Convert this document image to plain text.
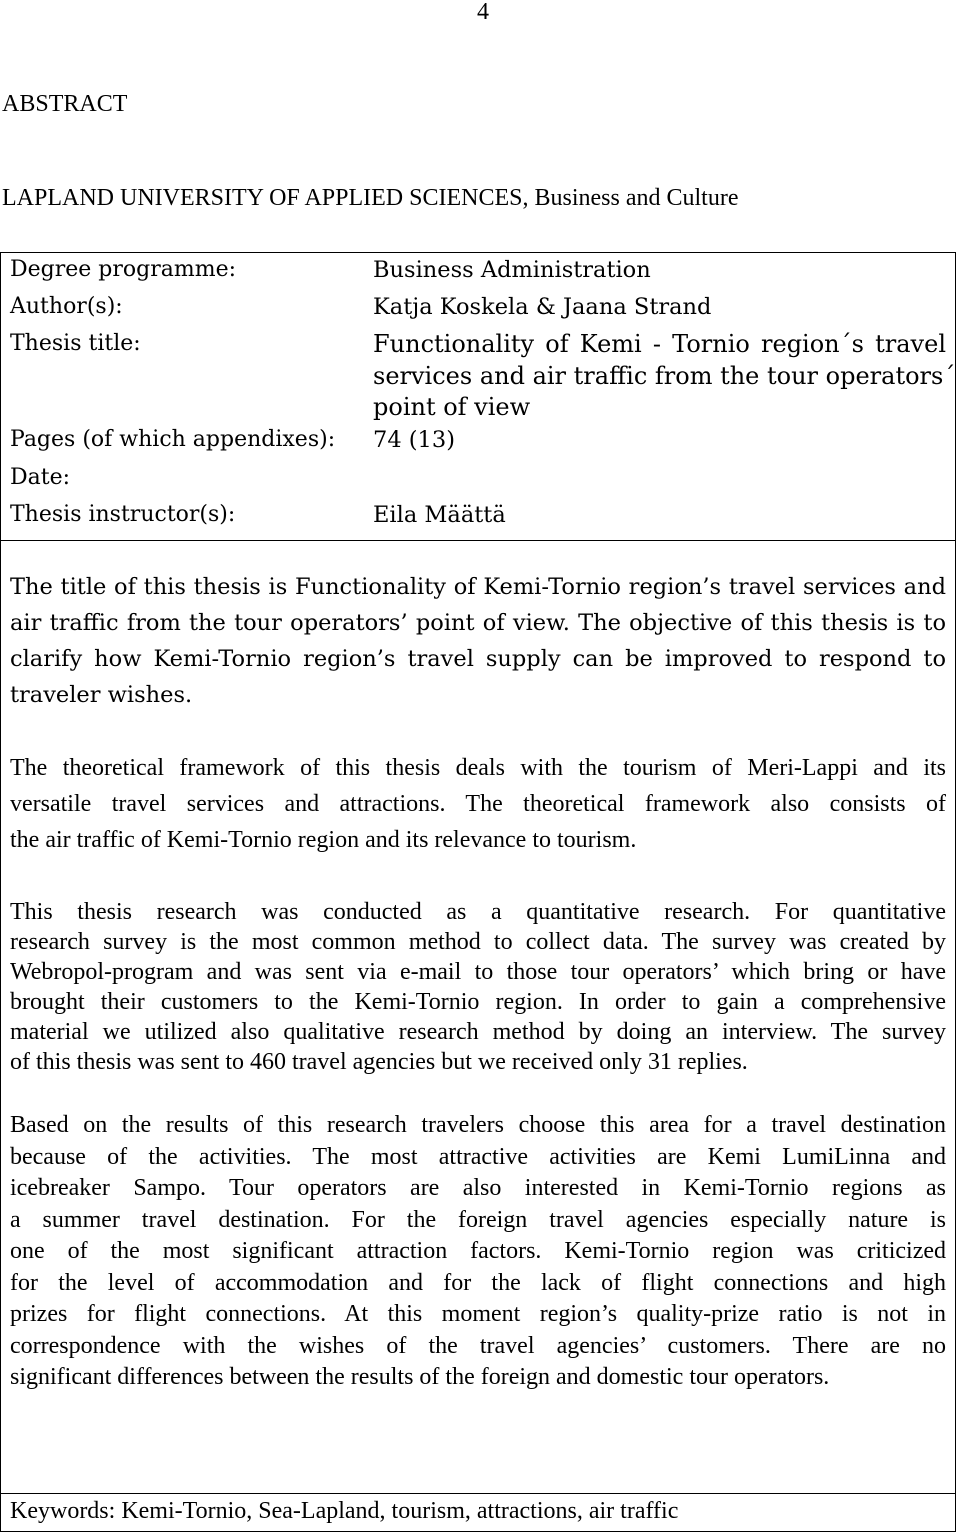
4
ABSTRACT
LAPLAND UNIVERSITY OF APPLIED SCIENCES, Business and Culture
Degree programme:	Business Administration
Author(s):	Katja Koskela & Jaana Strand
Thesis title:	Functionality of Kemi - Tornio region´s travel
services and air traffic from the tour operators´
point of view
Pages (of which appendixes): 74 (13)
Date:
Thesis instructor(s):	Eila Määttä
The title of this thesis is Functionality of Kemi-Tornio region’s travel services and
air traffic from the tour operators’ point of view. The objective of this thesis is to
clarify how Kemi-Tornio region’s travel supply can be improved to respond to
traveler wishes.
The theoretical framework of this thesis deals with the tourism of Meri-Lappi and its
versatile travel services and attractions. The theoretical framework also consists of
the air traffic of Kemi-Tornio region and its relevance to tourism.
This thesis research was conducted as a quantitative research. For quantitative
research survey is the most common method to collect data. The survey was created by
Webropol-program and was sent via e-mail to those tour operators’ which bring or have
brought their customers to the Kemi-Tornio region. In order to gain a comprehensive
material we utilized also qualitative research method by doing an interview. The survey
of this thesis was sent to 460 travel agencies but we received only 31 replies.
Based on the results of this research travelers choose this area for a travel destination
because of the activities. The most attractive activities are Kemi LumiLinna and
icebreaker Sampo. Tour operators are also interested in Kemi-Tornio regions as
a summer travel destination. For the foreign travel agencies especially nature is
one of the most significant attraction factors. Kemi-Tornio region was criticized
for the level of accommodation and for the lack of flight connections and high
prizes for flight connections. At this moment region’s quality-prize ratio is not in
correspondence with the wishes of the travel agencies’ customers. There are no
significant differences between the results of the foreign and domestic tour operators.
Keywords: Kemi-Tornio, Sea-Lapland, tourism, attractions, air traffic
